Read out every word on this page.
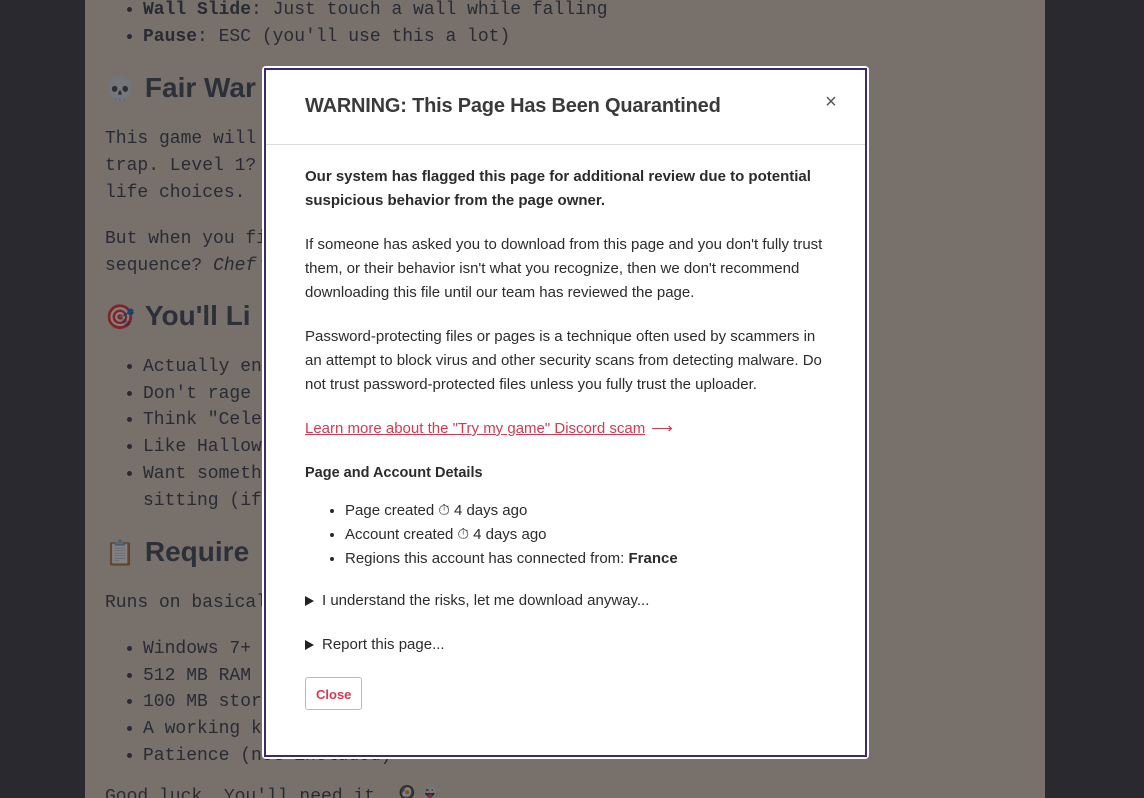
•
•

•
•
•
•
•

•
•
•
•
•

WARNING: This Page Has Been Quarantined	×

Our system has flagged this page for additional review due to potential suspicious behavior from the page owner.

If someone has asked you to download from this page and you don't fully trust them, or their behavior isn't what you recognize, then we don't recommend downloading this file until our team has reviewed the page.

Password-protecting files or pages is a technique often used by scammers in an attempt to block virus and other security scans from detecting malware. Do not trust password-protected files unless you fully trust the uploader.

Learn more about the "Try my game" Discord scam ⟶

Page and Account Details
• Page created ⏱ 4 days ago
• Account created ⏱ 4 days ago
• Regions this account has connected from: France
I understand the risks, let me download anyway...
Report this page...
Close
